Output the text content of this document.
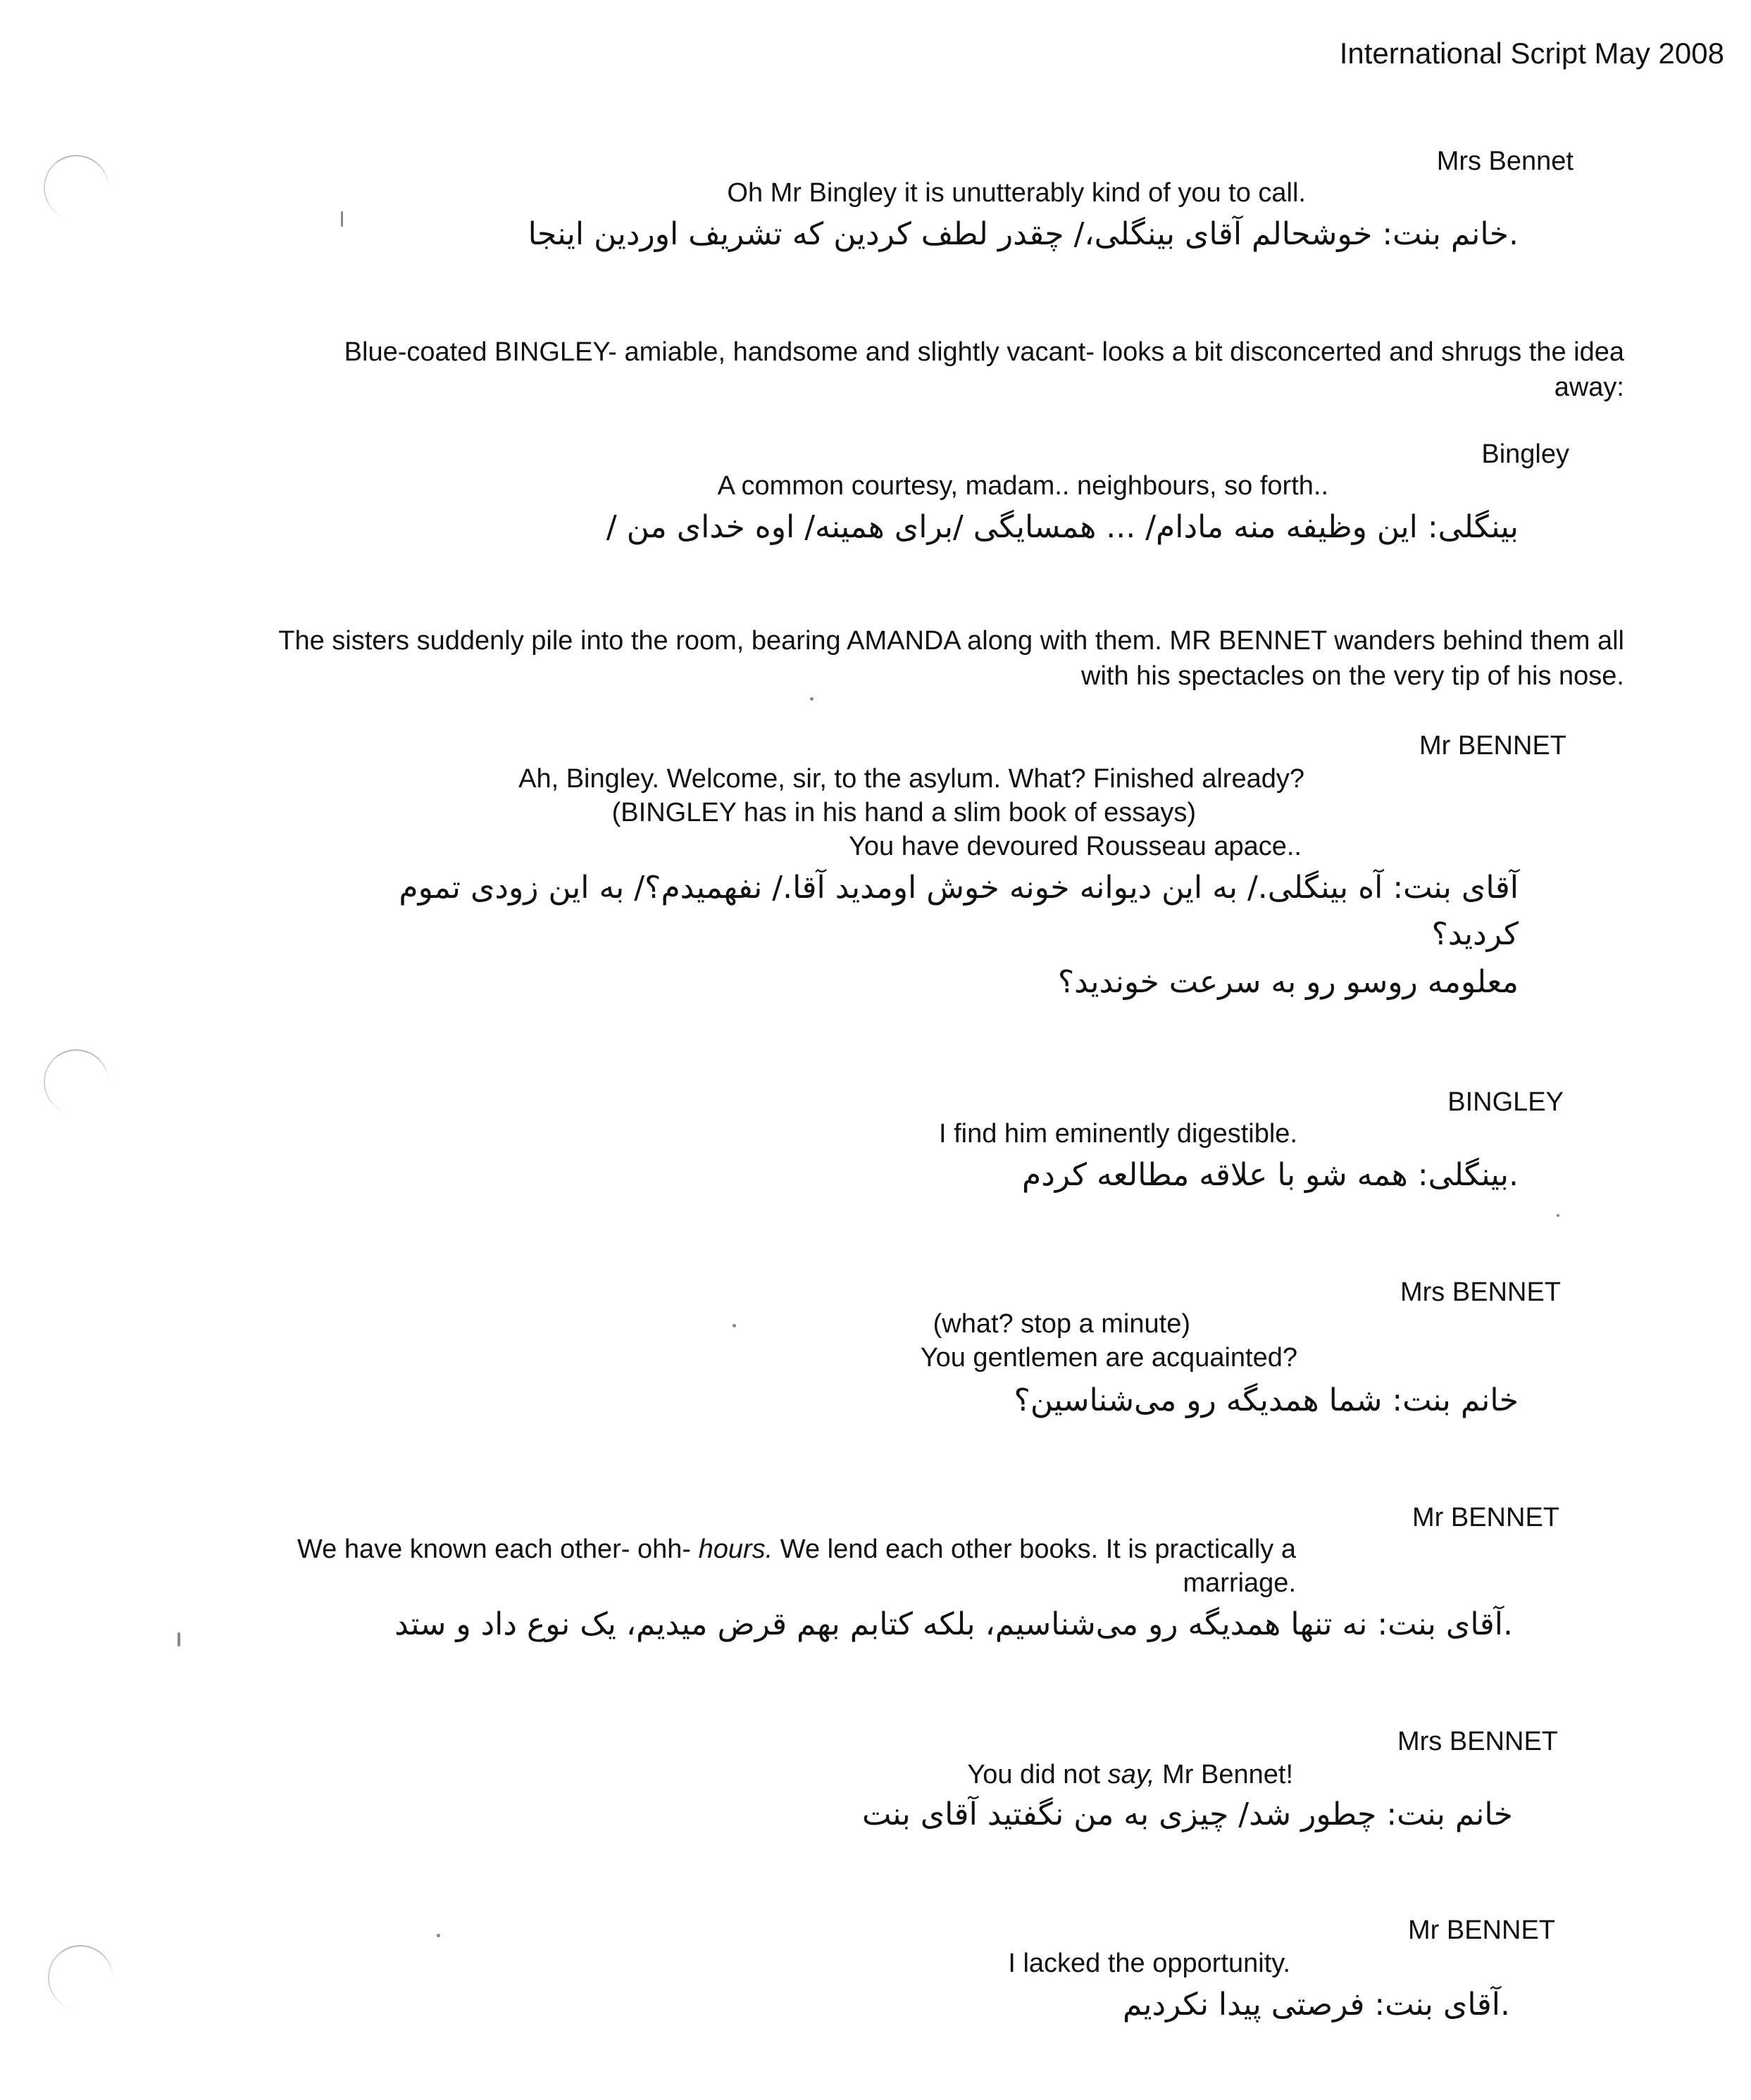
International Script May 2008
Mrs Bennet
Oh Mr Bingley it is unutterably kind of you to call.
.خانم بنت: خوشحالم آقای بینگلی،/ چقدر لطف کردین که تشریف اوردین اینجا
Blue-coated BINGLEY- amiable, handsome and slightly vacant- looks a bit disconcerted and shrugs the idea
away:
Bingley
A common courtesy, madam.. neighbours, so forth..
بینگلی: این وظیفه منه مادام/ ... همسایگی /برای همینه/ اوه خدای من /
The sisters suddenly pile into the room, bearing AMANDA along with them. MR BENNET wanders behind them all
with his spectacles on the very tip of his nose.
Mr BENNET
Ah, Bingley. Welcome, sir, to the asylum. What? Finished already?
(BINGLEY has in his hand a slim book of essays)
You have devoured Rousseau apace..
آقای بنت: آه بینگلی./ به این دیوانه خونه خوش اومدید آقا./ نفهمیدم؟/ به این زودی تموم
کردید؟
معلومه روسو رو به سرعت خوندید؟
BINGLEY
I find him eminently digestible.
.بینگلی: همه شو با علاقه مطالعه کردم
Mrs BENNET
(what? stop a minute)
You gentlemen are acquainted?
خانم بنت: شما همدیگه رو می‌شناسین؟
Mr BENNET
We have known each other- ohh- hours. We lend each other books. It is practically a
marriage.
.آقای بنت: نه تنها همدیگه رو می‌شناسیم، بلکه کتابم بهم قرض میدیم، یک نوع داد و ستد
Mrs BENNET
You did not say, Mr Bennet!
خانم بنت: چطور شد/ چیزی به من نگفتید آقای بنت
Mr BENNET
I lacked the opportunity.
.آقای بنت: فرصتی پیدا نکردیم
